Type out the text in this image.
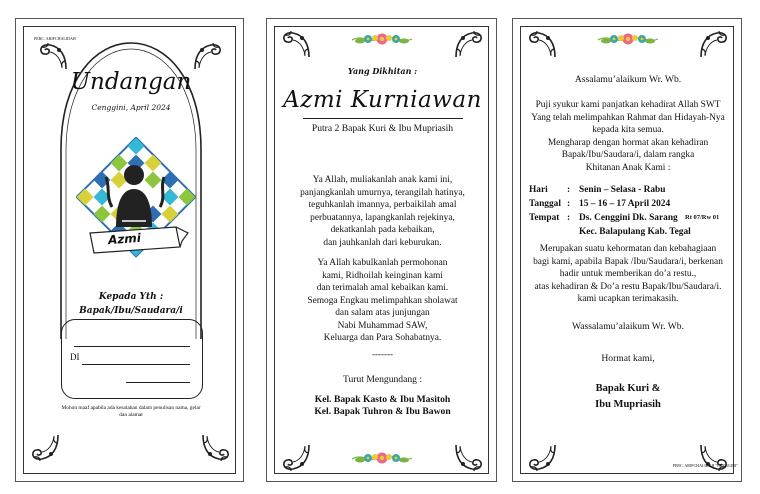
Undangan
Cenggini, April 2024
Azmi
Kepada Yth :
Bapak/Ibu/Saudara/i
DI
Mohon maaf apabila ada kesalahan dalam penulisan nama, gelar dan alamat
Yang Dikhitan :
Azmi Kurniawan
Putra 2 Bapak Kuri & Ibu Mupriasih
Ya Allah, muliakanlah anak kami ini,
panjangkanlah umurnya, terangilah hatinya,
teguhkanlah imannya, perbaikilah amal
perbuatannya, lapangkanlah rejekinya,
dekatkanlah pada kebaikan,
dan jauhkanlah dari keburukan.
Ya Allah kabulkanlah permohonan
kami, Ridhoilah keinginan kami
dan terimalah amal kebaikan kami.
Semoga Engkau melimpahkan sholawat
dan salam atas junjungan
Nabi Muhammad SAW,
Keluarga dan Para Sohabatnya.
-------
Turut Mengundang :
Kel. Bapak Kasto & Ibu Masitoh
Kel. Bapak Tuhron & Ibu Bawon
Assalamu’alaikum Wr. Wb.
Puji syukur kami panjatkan kehadirat Allah SWT
Yang telah melimpahkan Rahmat dan Hidayah-Nya
kepada kita semua.
Mengharap dengan hormat akan kehadiran
Bapak/Ibu/Saudara/i, dalam rangka
Khitanan Anak Kami :
Hari : Senin – Selasa - Rabu
Tanggal : 15 – 16 – 17 April 2024
Tempat : Ds. Cenggini Dk. Sarang Rt 07/Rw 01
Kec. Balapulang Kab. Tegal
Merupakan suatu kehormatan dan kebahagiaan
bagi kami, apabila Bapak /Ibu/Saudara/i, berkenan
hadir untuk memberikan do’a restu.,
atas kehadiran & Do’a restu Bapak/Ibu/Saudara/i.
kami ucapkan terimakasih.
Wassalamu’alaikum Wr. Wb.
Hormat kami,
Bapak Kuri &
Ibu Mupriasih
PERC. ARIFCHALIDAH "CENGGINI"
PERC. ARIFCHALIDAH
